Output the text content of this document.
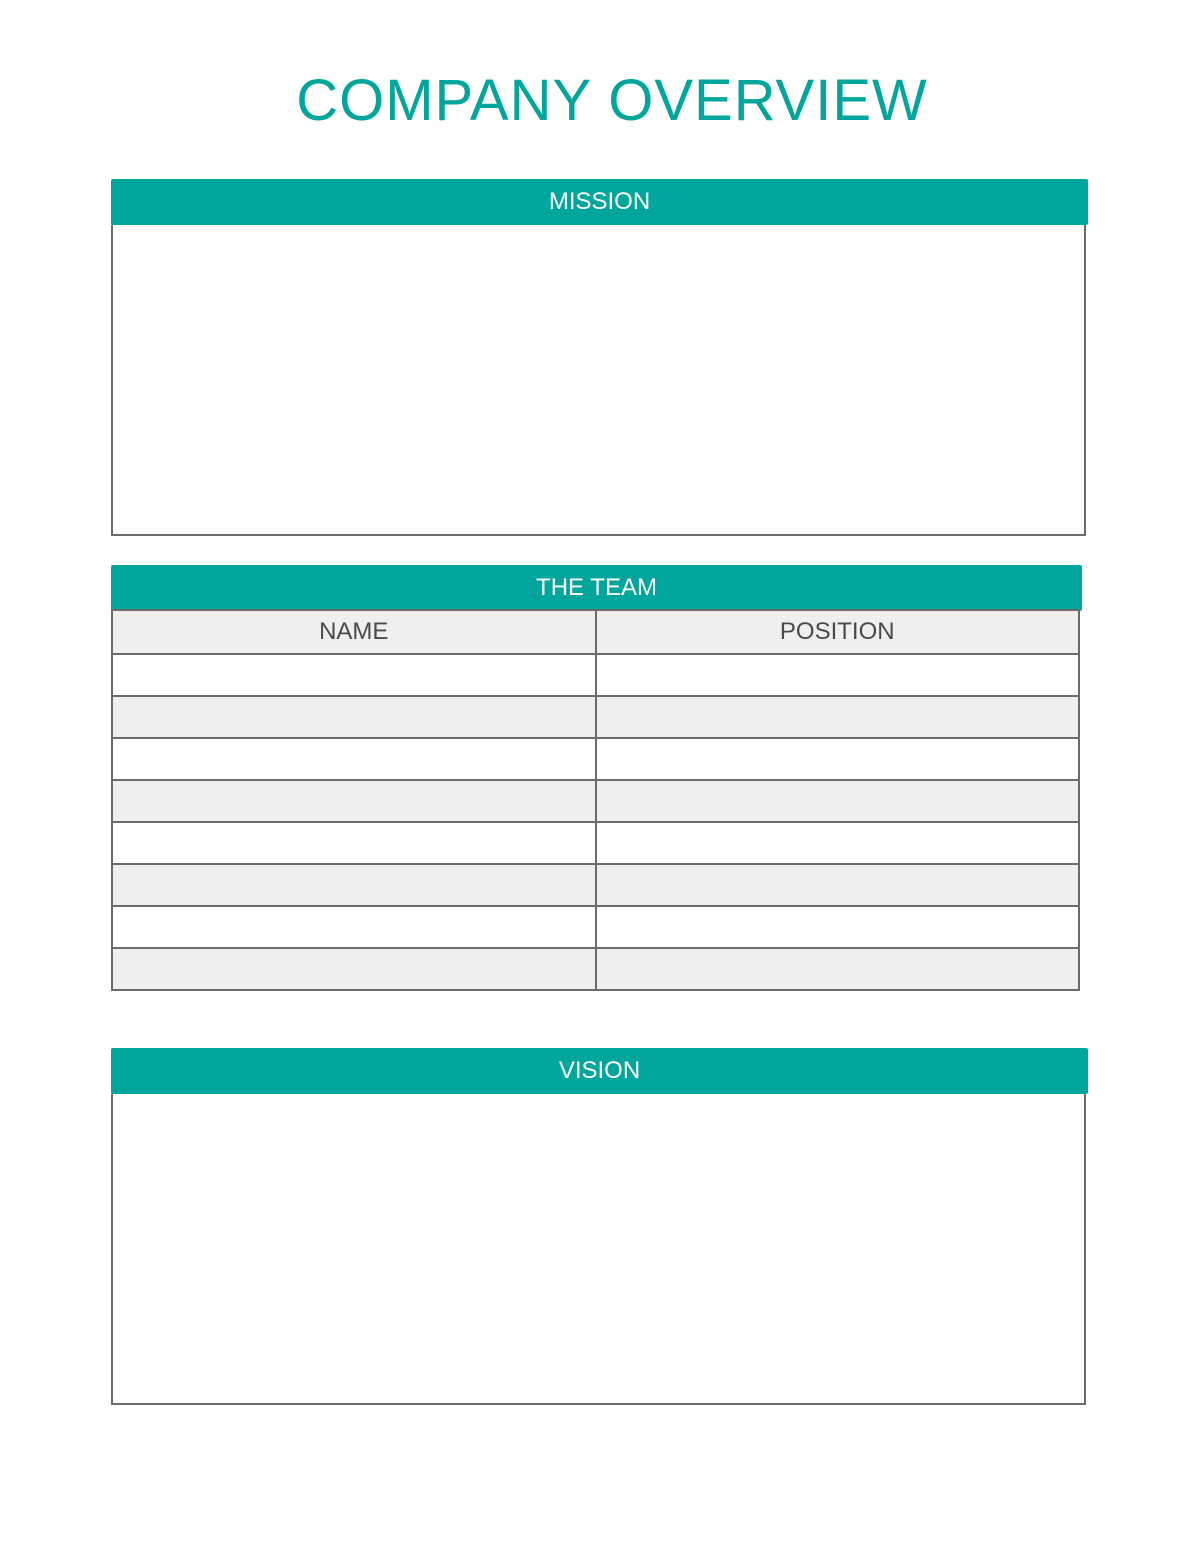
COMPANY OVERVIEW
MISSION
THE TEAM
NAME	POSITION

VISION
